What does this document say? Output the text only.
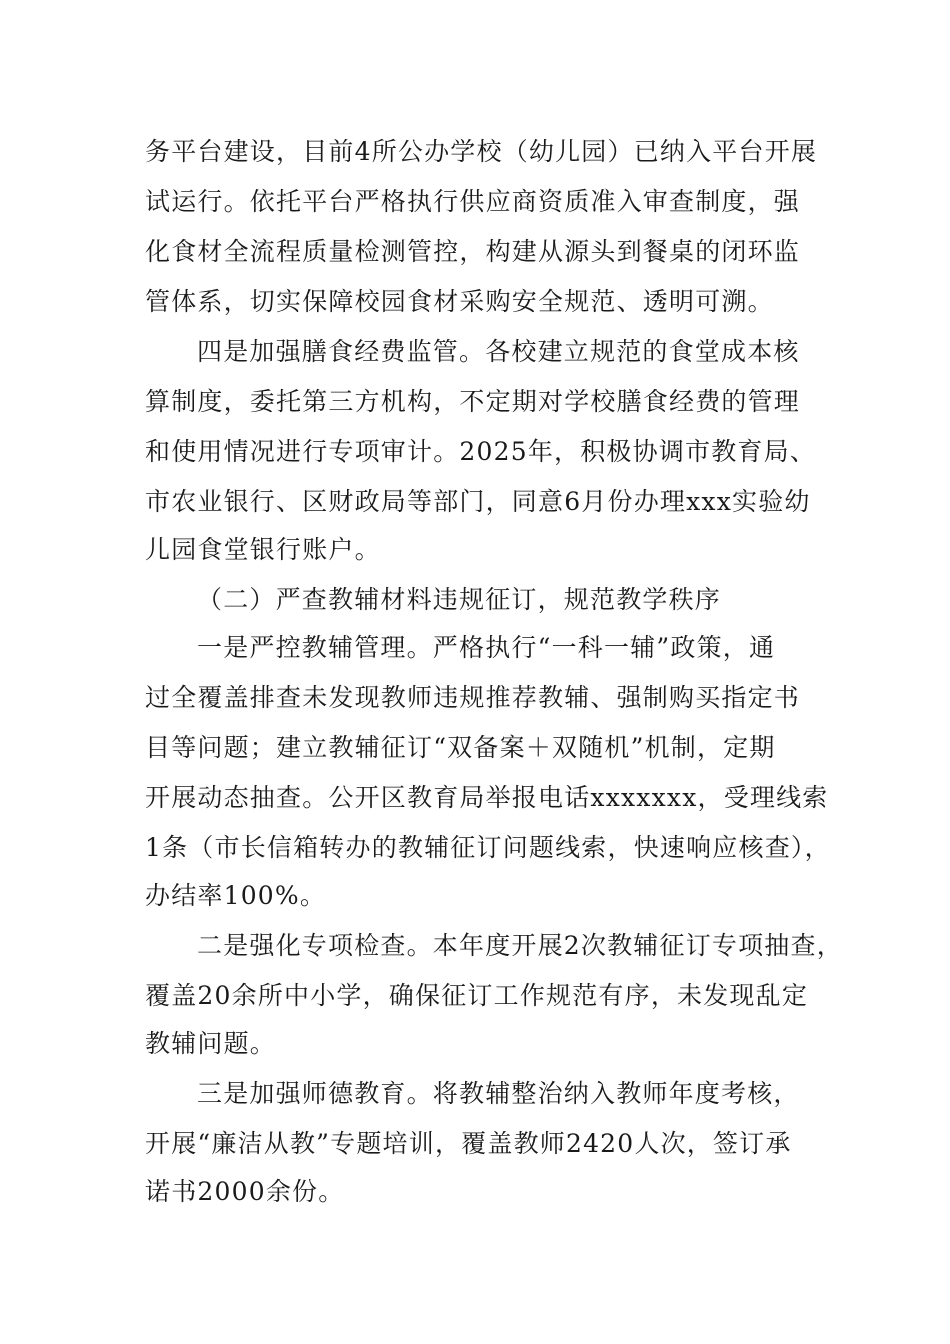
务平台建设，目前4所公办学校（幼儿园）已纳入平台开展
试运行。依托平台严格执行供应商资质准入审查制度，强
化食材全流程质量检测管控，构建从源头到餐桌的闭环监
管体系，切实保障校园食材采购安全规范、透明可溯。
四是加强膳食经费监管。各校建立规范的食堂成本核
算制度，委托第三方机构，不定期对学校膳食经费的管理
和使用情况进行专项审计。2025年，积极协调市教育局、
市农业银行、区财政局等部门，同意6月份办理xxx实验幼
儿园食堂银行账户。
（二）严查教辅材料违规征订，规范教学秩序
一是严控教辅管理。严格执行“一科一辅”政策，通
过全覆盖排查未发现教师违规推荐教辅、强制购买指定书
目等问题；建立教辅征订“双备案＋双随机”机制，定期
开展动态抽查。公开区教育局举报电话xxxxxxx，受理线索
1条（市长信箱转办的教辅征订问题线索，快速响应核查），
办结率100%。
二是强化专项检查。本年度开展2次教辅征订专项抽查，
覆盖20余所中小学，确保征订工作规范有序，未发现乱定
教辅问题。
三是加强师德教育。将教辅整治纳入教师年度考核，
开展“廉洁从教”专题培训，覆盖教师2420人次，签订承
诺书2000余份。
